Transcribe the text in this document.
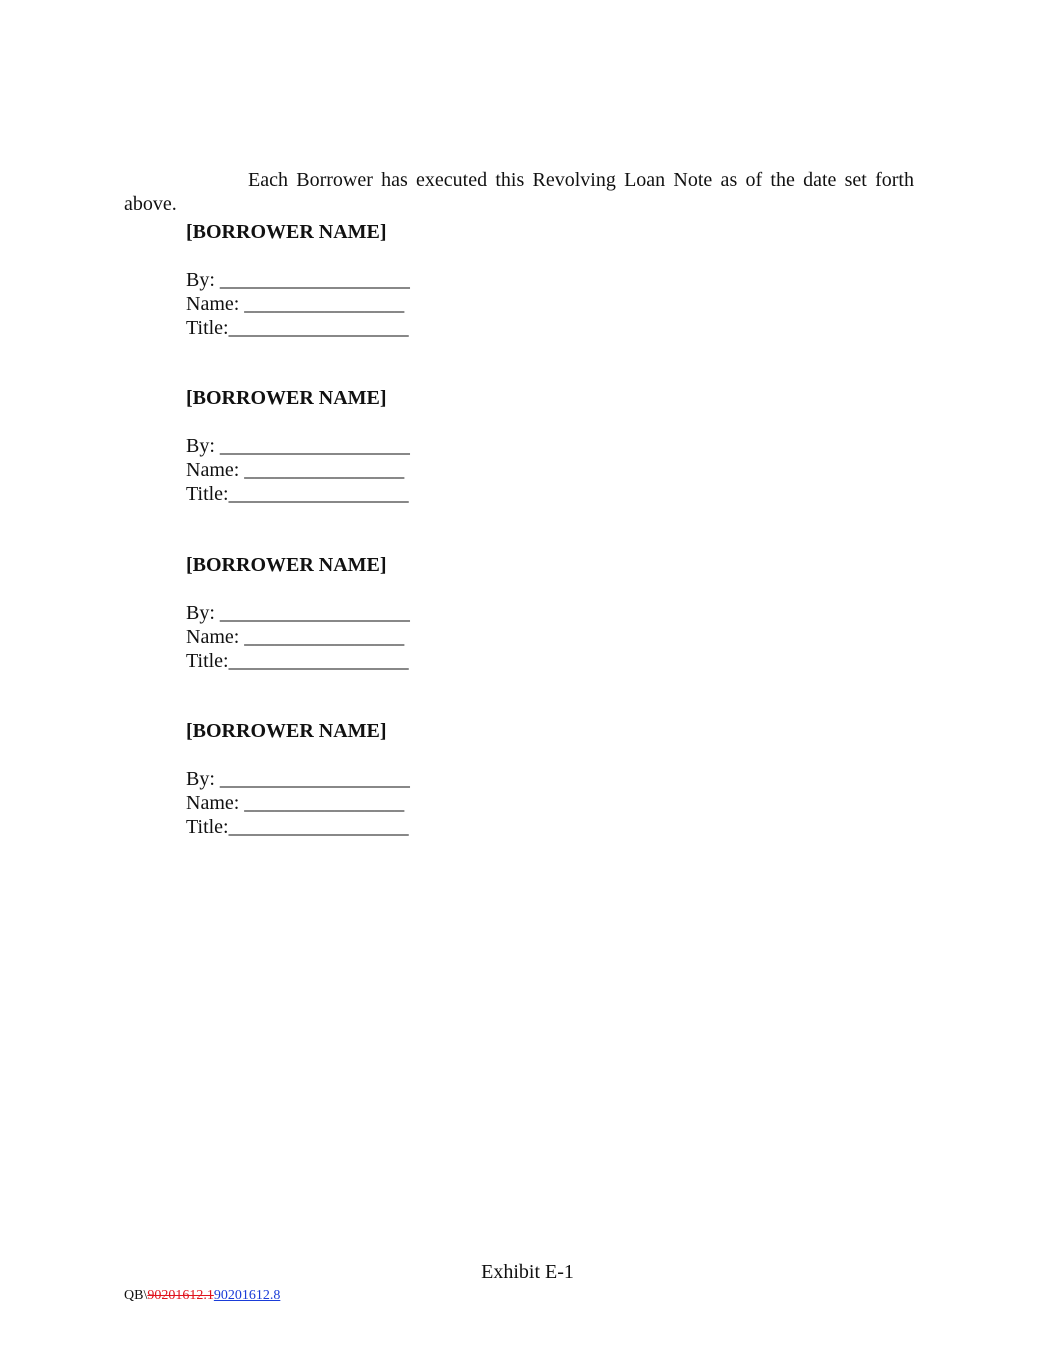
Each Borrower has executed this Revolving Loan Note as of the date set forth above.

[BORROWER NAME]

By: ___________________
Name: ________________
Title:__________________

[BORROWER NAME]

By: ___________________
Name: ________________
Title:__________________

[BORROWER NAME]

By: ___________________
Name: ________________
Title:__________________

[BORROWER NAME]

By: ___________________
Name: ________________
Title:__________________
Exhibit E-1
QB\90201612.190201612.8
